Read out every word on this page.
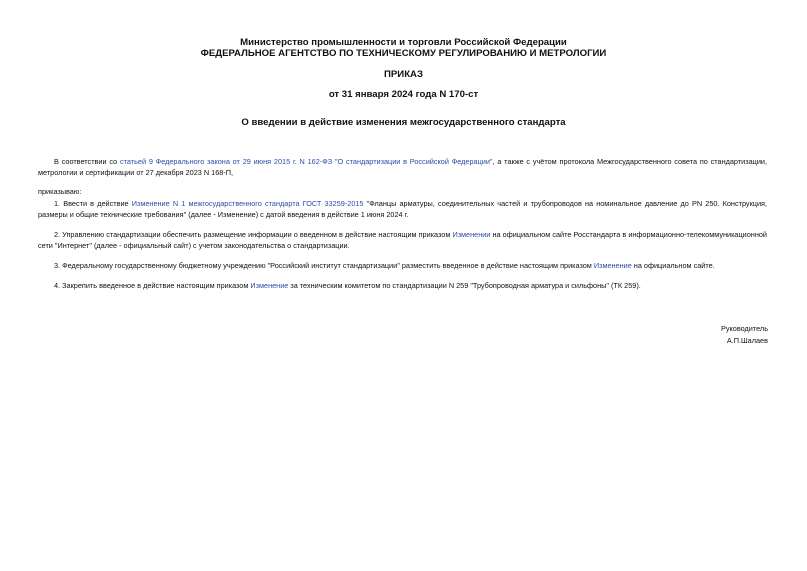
Министерство промышленности и торговли Российской Федерации
ФЕДЕРАЛЬНОЕ АГЕНТСТВО ПО ТЕХНИЧЕСКОМУ РЕГУЛИРОВАНИЮ И МЕТРОЛОГИИ
ПРИКАЗ
от 31 января 2024 года N 170-ст
О введении в действие изменения межгосударственного стандарта
В соответствии со статьей 9 Федерального закона от 29 июня 2015 г. N 162-ФЗ "О стандартизации в Российской Федерации", а также с учётом протокола Межгосударственного совета по стандартизации, метрологии и сертификации от 27 декабря 2023 N 168-П,
приказываю:
1. Ввести в действие Изменение N 1 межгосударственного стандарта ГОСТ 33259-2015 "Фланцы арматуры, соединительных частей и трубопроводов на номинальное давление до PN 250. Конструкция, размеры и общие технические требования" (далее - Изменение) с датой введения в действие 1 июня 2024 г.
2. Управлению стандартизации обеспечить размещение информации о введенном в действие настоящим приказом Изменении на официальном сайте Росстандарта в информационно-телекоммуникационной сети "Интернет" (далее - официальный сайт) с учетом законодательства о стандартизации.
3. Федеральному государственному бюджетному учреждению "Российский институт стандартизации" разместить введенное в действие настоящим приказом Изменение на официальном сайте.
4. Закрепить введенное в действие настоящим приказом Изменение за техническим комитетом по стандартизации N 259 "Трубопроводная арматура и сильфоны" (ТК 259).
Руководитель
А.П.Шалаев
